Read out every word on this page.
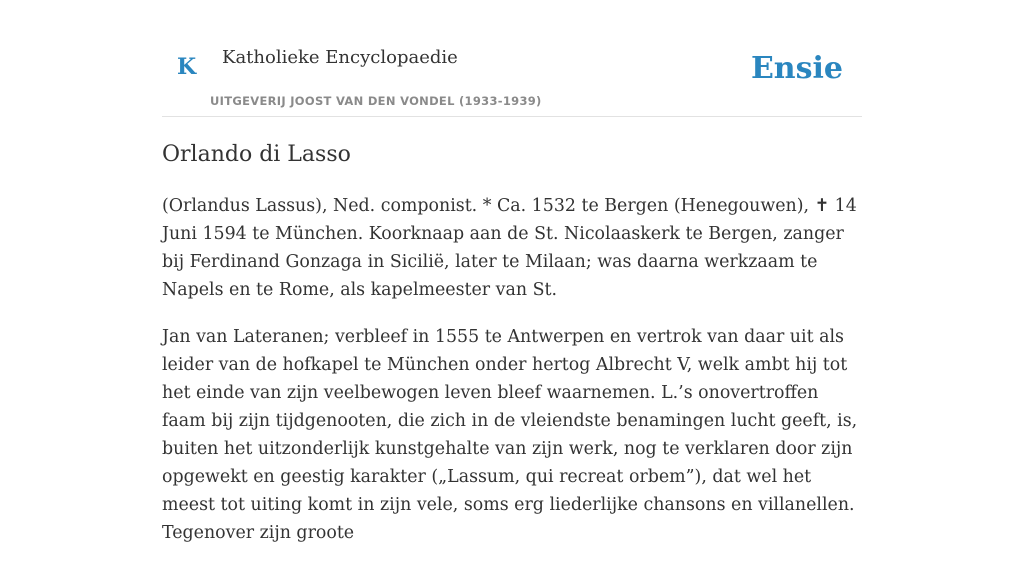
K Katholieke Encyclopaedie
UITGEVERIJ JOOST VAN DEN VONDEL (1933-1939)
Ensie
Orlando di Lasso

(Orlandus Lassus), Ned. componist. * Ca. 1532 te Bergen (Henegouwen), ✝ 14 Juni 1594 te München. Koorknaap aan de St. Nicolaaskerk te Bergen, zanger bij Ferdinand Gonzaga in Sicilië, later te Milaan; was daarna werkzaam te Napels en te Rome, als kapelmeester van St.

Jan van Lateranen; verbleef in 1555 te Antwerpen en vertrok van daar uit als leider van de hofkapel te München onder hertog Albrecht V, welk ambt hij tot het einde van zijn veelbewogen leven bleef waarnemen. L.’s onovertroffen faam bij zijn tijdgenooten, die zich in de vleiendste benamingen lucht geeft, is, buiten het uitzonderlijk kunstgehalte van zijn werk, nog te verklaren door zijn opgewekt en geestig karakter („Lassum, qui recreat orbem”), dat wel het meest tot uiting komt in zijn vele, soms erg liederlijke chansons en villanellen. Tegenover zijn groote
